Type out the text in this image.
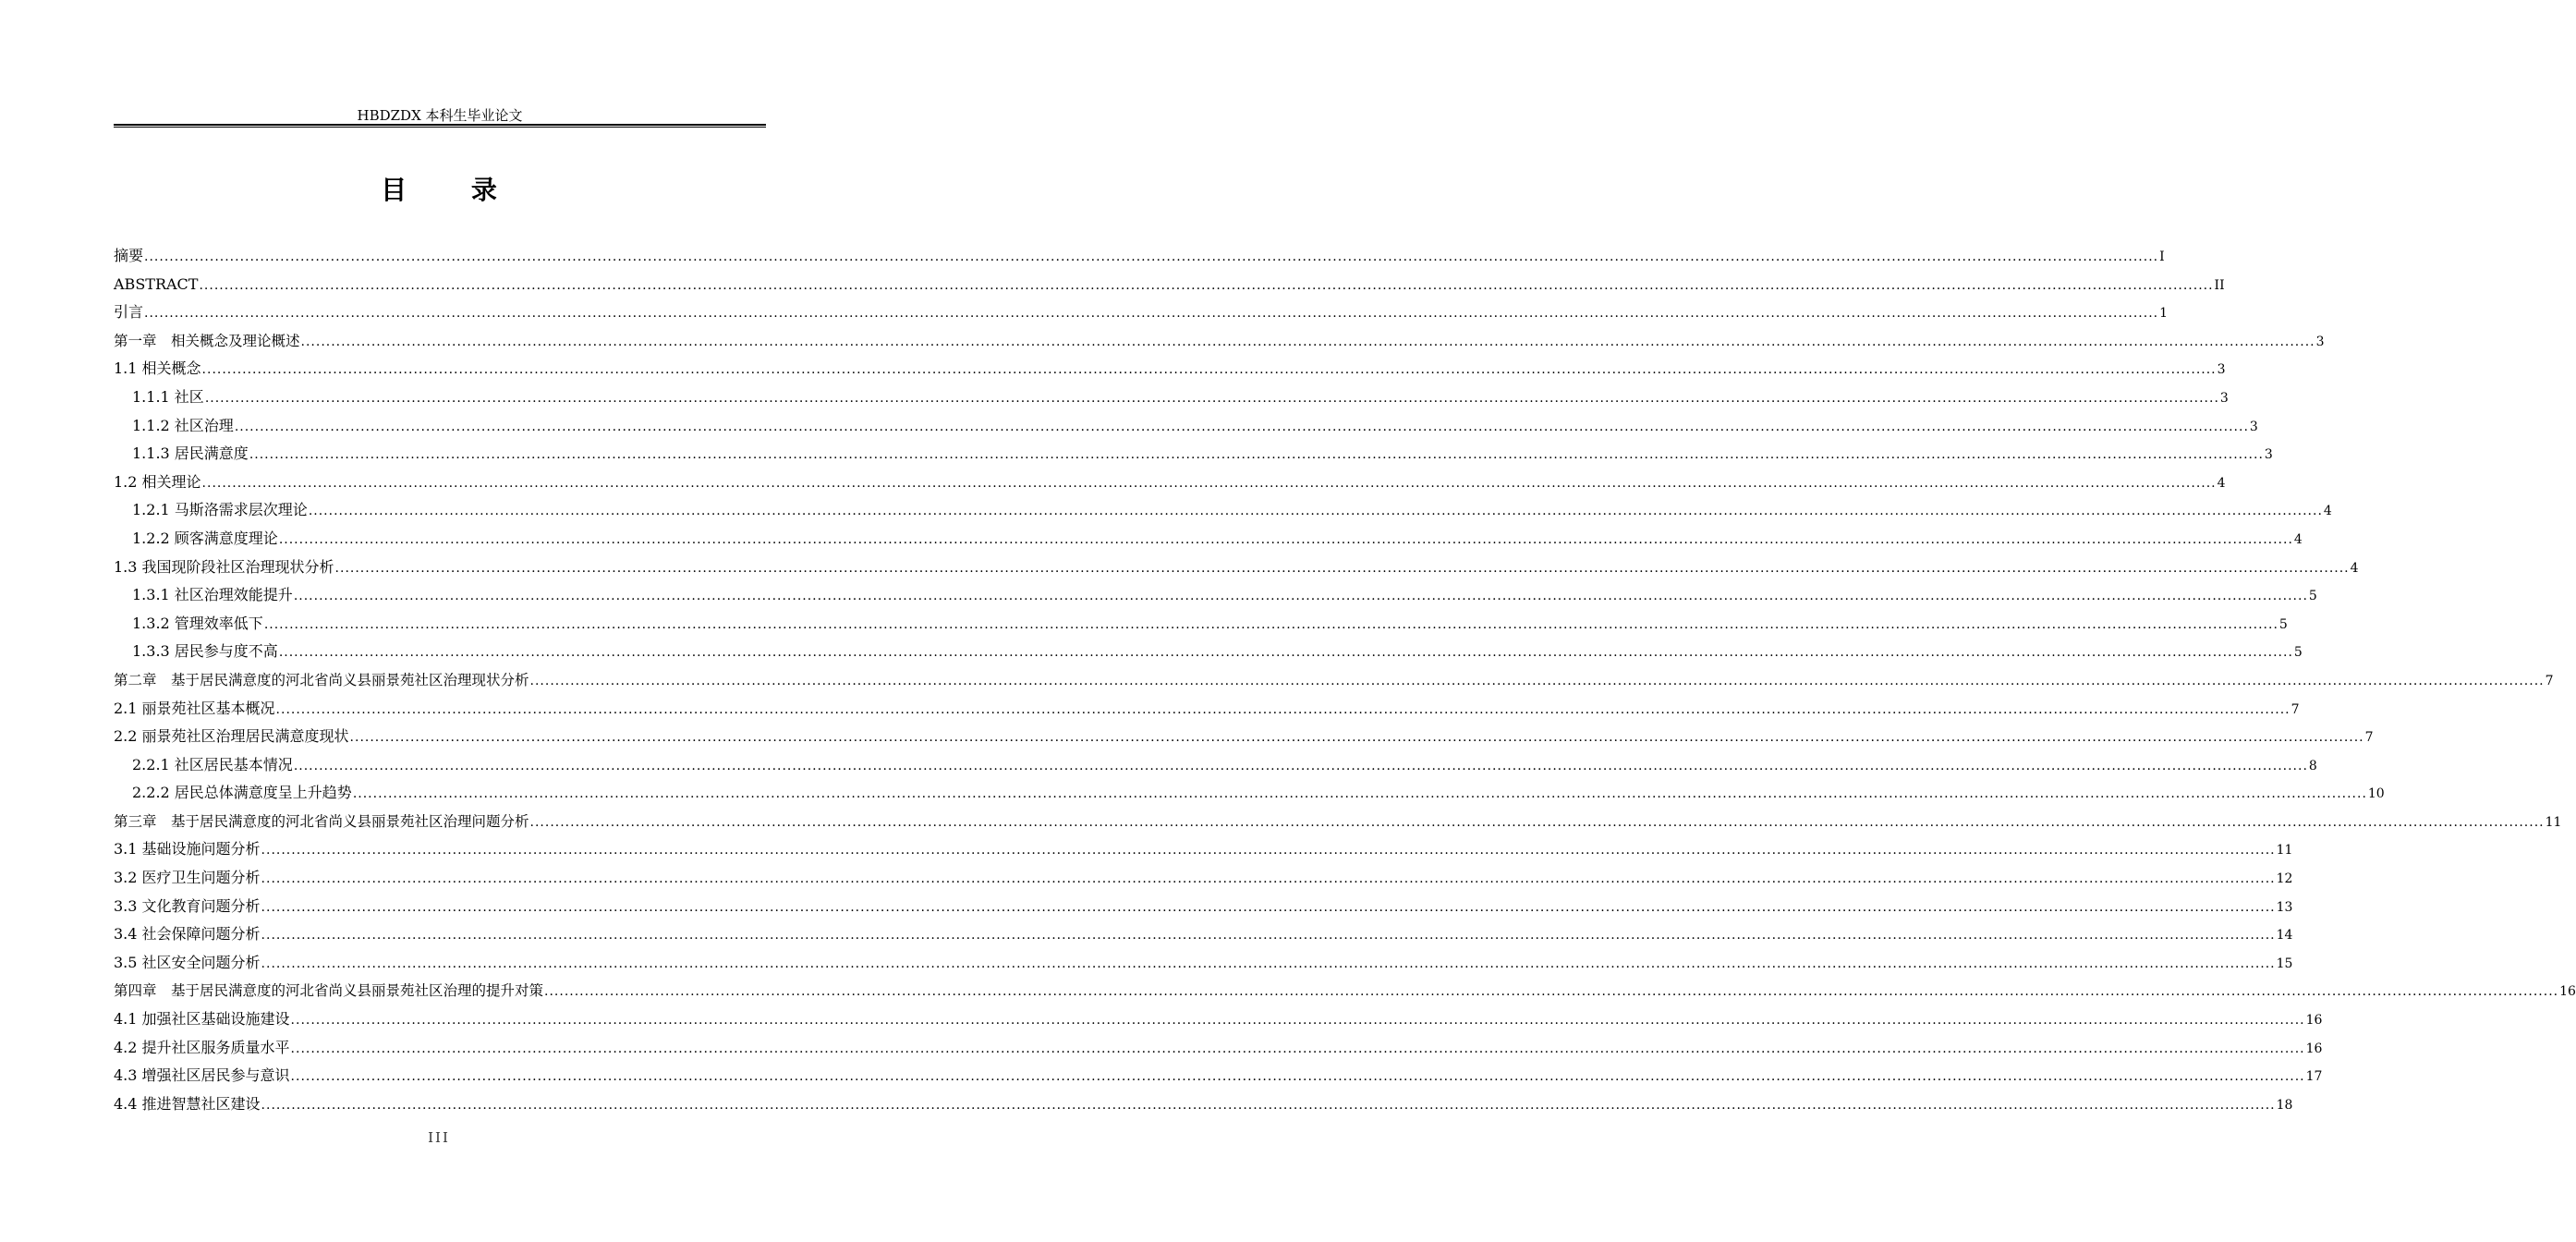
HBDZDX 本科生毕业论文
目 录
摘要 ................................................................................................................................................................................................................................................................................................................................................................................................................ I
ABSTRACT ................................................................................................................................................................................................................................................................................................................................................................................................................ II
引言 ................................................................................................................................................................................................................................................................................................................................................................................................................ 1
第一章　相关概念及理论概述 ................................................................................................................................................................................................................................................................................................................................................................................................................ 3
1.1 相关概念 ................................................................................................................................................................................................................................................................................................................................................................................................................ 3
1.1.1 社区 ................................................................................................................................................................................................................................................................................................................................................................................................................ 3
1.1.2 社区治理 ................................................................................................................................................................................................................................................................................................................................................................................................................ 3
1.1.3 居民满意度 ................................................................................................................................................................................................................................................................................................................................................................................................................ 3
1.2 相关理论 ................................................................................................................................................................................................................................................................................................................................................................................................................ 4
1.2.1 马斯洛需求层次理论 ................................................................................................................................................................................................................................................................................................................................................................................................................ 4
1.2.2 顾客满意度理论 ................................................................................................................................................................................................................................................................................................................................................................................................................ 4
1.3 我国现阶段社区治理现状分析 ................................................................................................................................................................................................................................................................................................................................................................................................................ 4
1.3.1 社区治理效能提升 ................................................................................................................................................................................................................................................................................................................................................................................................................ 5
1.3.2 管理效率低下 ................................................................................................................................................................................................................................................................................................................................................................................................................ 5
1.3.3 居民参与度不高 ................................................................................................................................................................................................................................................................................................................................................................................................................ 5
第二章　基于居民满意度的河北省尚义县丽景苑社区治理现状分析 ................................................................................................................................................................................................................................................................................................................................................................................................................ 7
2.1 丽景苑社区基本概况 ................................................................................................................................................................................................................................................................................................................................................................................................................ 7
2.2 丽景苑社区治理居民满意度现状 ................................................................................................................................................................................................................................................................................................................................................................................................................ 7
2.2.1 社区居民基本情况 ................................................................................................................................................................................................................................................................................................................................................................................................................ 8
2.2.2 居民总体满意度呈上升趋势 ................................................................................................................................................................................................................................................................................................................................................................................................................ 10
第三章　基于居民满意度的河北省尚义县丽景苑社区治理问题分析 ................................................................................................................................................................................................................................................................................................................................................................................................................ 11
3.1 基础设施问题分析 ................................................................................................................................................................................................................................................................................................................................................................................................................ 11
3.2 医疗卫生问题分析 ................................................................................................................................................................................................................................................................................................................................................................................................................ 12
3.3 文化教育问题分析 ................................................................................................................................................................................................................................................................................................................................................................................................................ 13
3.4 社会保障问题分析 ................................................................................................................................................................................................................................................................................................................................................................................................................ 14
3.5 社区安全问题分析 ................................................................................................................................................................................................................................................................................................................................................................................................................ 15
第四章　基于居民满意度的河北省尚义县丽景苑社区治理的提升对策 ................................................................................................................................................................................................................................................................................................................................................................................................................ 16
4.1 加强社区基础设施建设 ................................................................................................................................................................................................................................................................................................................................................................................................................ 16
4.2 提升社区服务质量水平 ................................................................................................................................................................................................................................................................................................................................................................................................................ 16
4.3 增强社区居民参与意识 ................................................................................................................................................................................................................................................................................................................................................................................................................ 17
4.4 推进智慧社区建设 ................................................................................................................................................................................................................................................................................................................................................................................................................ 18
III
